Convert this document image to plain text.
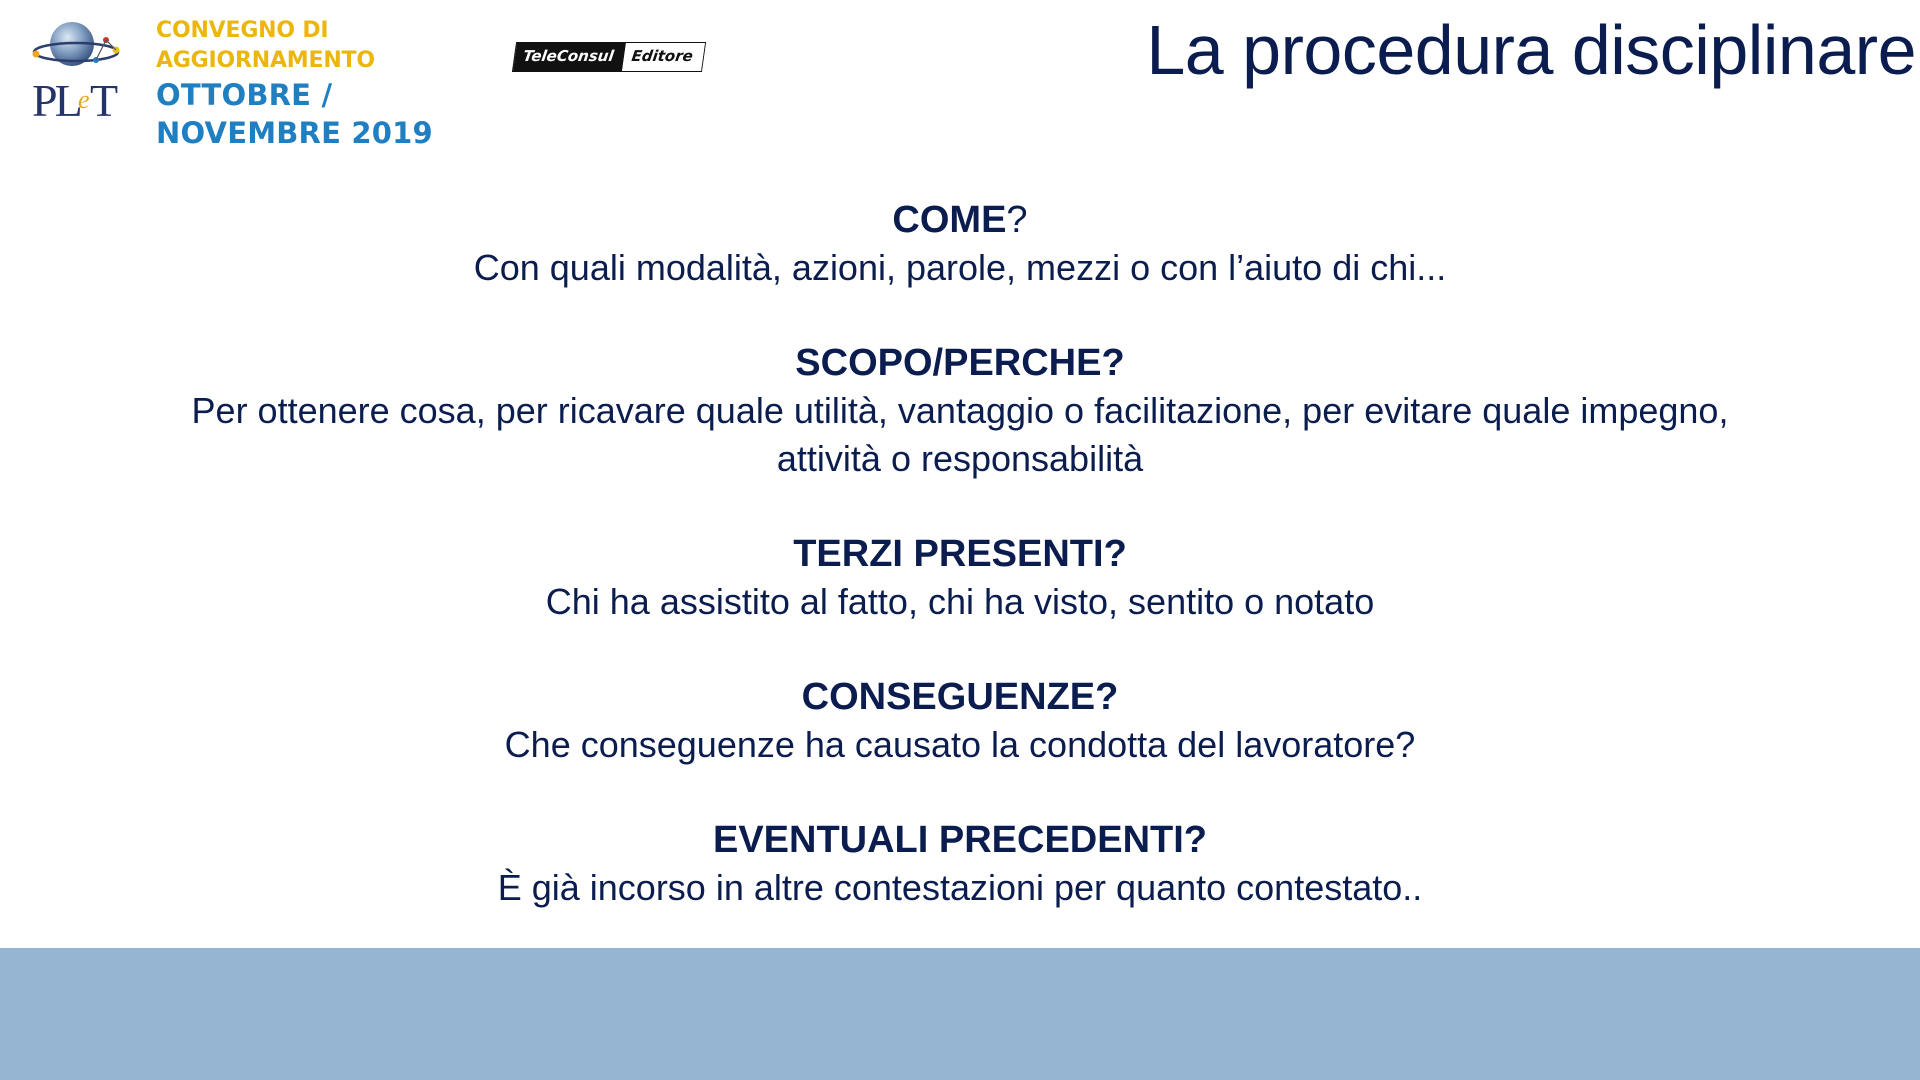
PL
e T
CONVEGNO DI
AGGIORNAMENTO
OTTOBRE /
NOVEMBRE 2019
TeleConsul	Editore	La procedura disciplinare

COME?

Con quali modalità, azioni, parole, mezzi o con l’aiuto di chi...

SCOPO/PERCHE?

Per ottenere cosa, per ricavare quale utilità, vantaggio o facilitazione, per evitare quale impegno,

attività o responsabilità

TERZI PRESENTI?

Chi ha assistito al fatto, chi ha visto, sentito o notato

CONSEGUENZE?

Che conseguenze ha causato la condotta del lavoratore?

EVENTUALI PRECEDENTI?

È già incorso in altre contestazioni per quanto contestato..
